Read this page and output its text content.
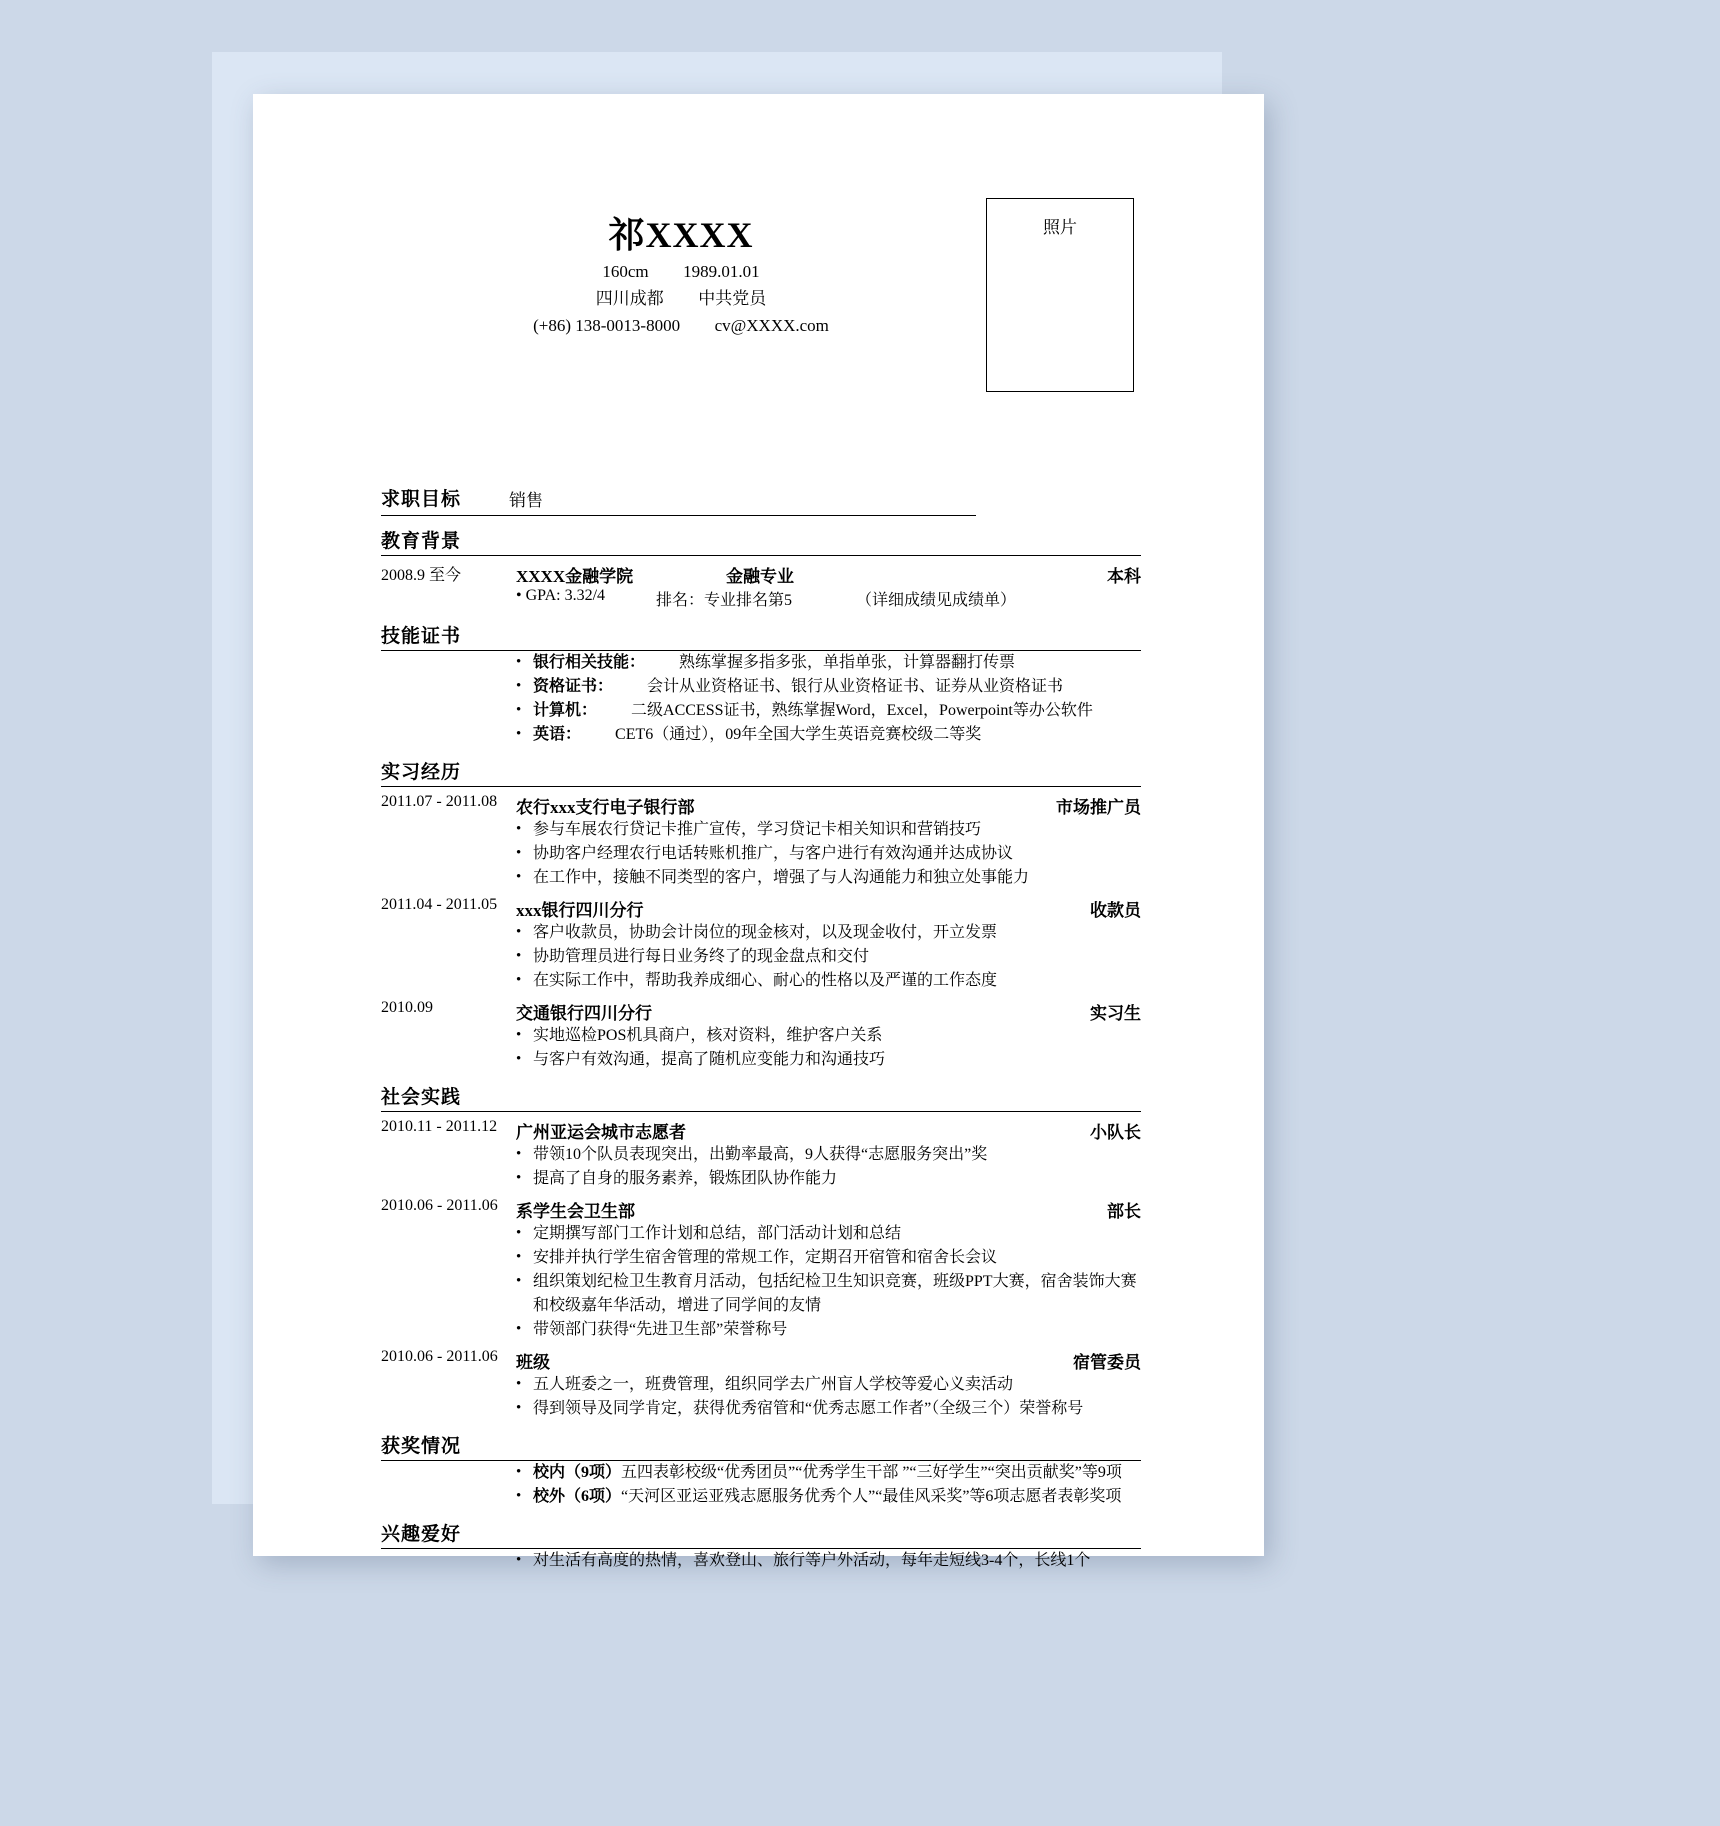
祁XXXX
160cm 1989.01.01
四川成都 中共党员
(+86) 138-0013-8000 cv@XXXX.com
照片
求职目标	销售
教育背景
2008.9 至今	XXXX金融学院	金融专业	本科
• GPA: 3.32/4	排名：专业排名第5	（详细成绩见成绩单）
技能证书
• 银行相关技能： 熟练掌握多指多张，单指单张，计算器翻打传票
• 资格证书： 会计从业资格证书、银行从业资格证书、证券从业资格证书
• 计算机： 二级ACCESS证书，熟练掌握Word，Excel，Powerpoint等办公软件
• 英语： CET6（通过），09年全国大学生英语竞赛校级二等奖
实习经历
2011.07 - 2011.08 农行xxx支行电子银行部	市场推广员
• 参与车展农行贷记卡推广宣传，学习贷记卡相关知识和营销技巧
• 协助客户经理农行电话转账机推广，与客户进行有效沟通并达成协议
• 在工作中，接触不同类型的客户，增强了与人沟通能力和独立处事能力
2011.04 - 2011.05 xxx银行四川分行	收款员
• 客户收款员，协助会计岗位的现金核对，以及现金收付，开立发票
• 协助管理员进行每日业务终了的现金盘点和交付
• 在实际工作中，帮助我养成细心、耐心的性格以及严谨的工作态度
2010.09	交通银行四川分行	实习生
• 实地巡检POS机具商户，核对资料，维护客户关系
• 与客户有效沟通，提高了随机应变能力和沟通技巧
社会实践
2010.11 - 2011.12 广州亚运会城市志愿者	小队长
• 带领10个队员表现突出，出勤率最高，9人获得“志愿服务突出”奖
• 提高了自身的服务素养，锻炼团队协作能力
2010.06 - 2011.06 系学生会卫生部	部长
• 定期撰写部门工作计划和总结，部门活动计划和总结
• 安排并执行学生宿舍管理的常规工作，定期召开宿管和宿舍长会议
• 组织策划纪检卫生教育月活动，包括纪检卫生知识竞赛，班级PPT大赛，宿舍装饰大赛和校级嘉年华活动，增进了同学间的友情
• 带领部门获得“先进卫生部”荣誉称号
2010.06 - 2011.06 班级	宿管委员
• 五人班委之一，班费管理，组织同学去广州盲人学校等爱心义卖活动
• 得到领导及同学肯定，获得优秀宿管和“优秀志愿工作者”（全级三个）荣誉称号
获奖情况
• 校内（9项）五四表彰校级“优秀团员”“优秀学生干部 ”“三好学生”“突出贡献奖”等9项
• 校外（6项）“天河区亚运亚残志愿服务优秀个人”“最佳风采奖”等6项志愿者表彰奖项
兴趣爱好
• 对生活有高度的热情，喜欢登山、旅行等户外活动，每年走短线3-4个，长线1个
